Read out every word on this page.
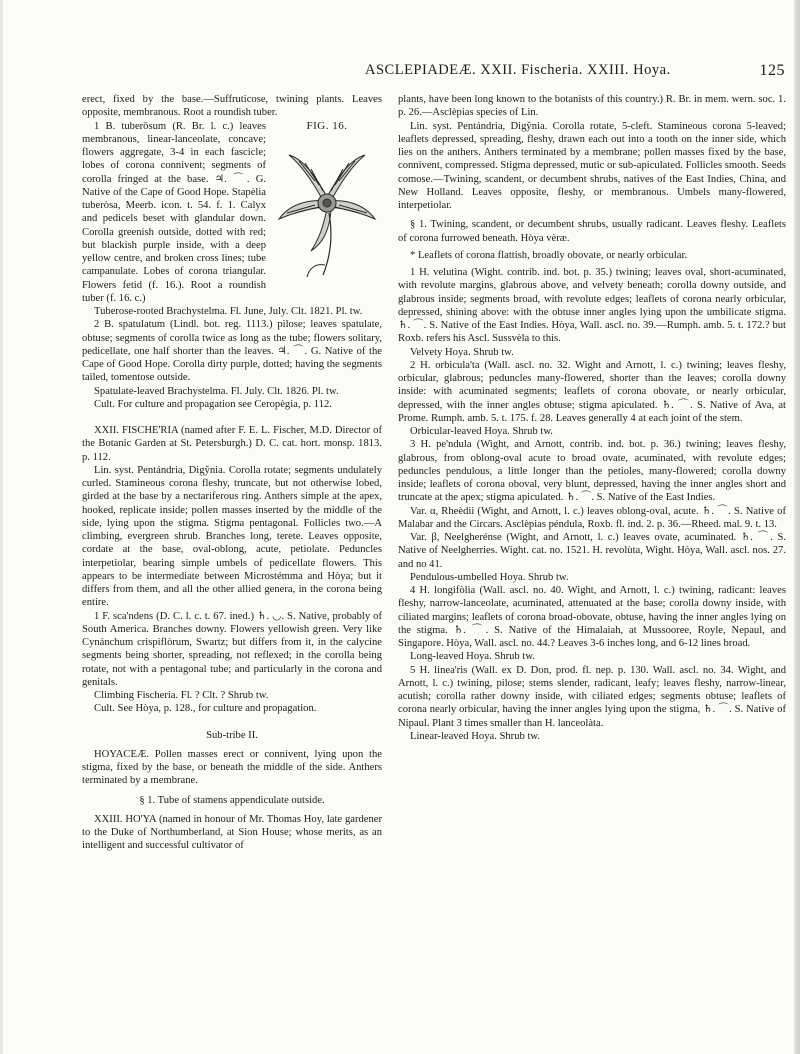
ASCLEPIADEÆ. XXII. Fischeria. XXIII. Hoya.	125

erect, fixed by the base.—Suffruticose, twining plants. Leaves opposite, membranous. Root a roundish tuber.

FIG. 16.

1 B. tuberōsum (R. Br. l. c.) leaves membranous, linear-lanceolate, concave; flowers aggregate, 3-4 in each fascicle; lobes of corona connivent; segments of corolla fringed at the base. ♃. ⌒. G. Native of the Cape of Good Hope. Stapèlia tuberòsa, Meerb. icon. t. 54. f. 1. Calyx and pedicels beset with glandular down. Corolla greenish outside, dotted with red; but blackish purple inside, with a deep yellow centre, and broken cross lines; tube campanulate. Lobes of corona triangular. Flowers fetid (f. 16.). Root a roundish tuber (f. 16. c.)

Tuberose-rooted Brachystelma. Fl. June, July. Clt. 1821. Pl. tw.

2 B. spatulatum (Lindl. bot. reg. 1113.) pilose; leaves spatulate, obtuse; segments of corolla twice as long as the tube; flowers solitary, pedicellate, one half shorter than the leaves. ♃. ⌒. G. Native of the Cape of Good Hope. Corolla dirty purple, dotted; having the segments tailed, tomentose outside.

Spatulate-leaved Brachystelma. Fl. July. Clt. 1826. Pl. tw.

Cult. For culture and propagation see Ceropègia, p. 112.

XXII. FISCHE'RIA (named after F. E. L. Fischer, M.D. Director of the Botanic Garden at St. Petersburgh.) D. C. cat. hort. monsp. 1813. p. 112.

Lin. syst. Pentándria, Digy̆nia. Corolla rotate; segments undulately curled. Stamineous corona fleshy, truncate, but not otherwise lobed, girded at the base by a nectariferous ring. Anthers simple at the apex, hooked, replicate inside; pollen masses inserted by the middle of the side, lying upon the stigma. Stigma pentagonal. Follicles two.—A climbing, evergreen shrub. Branches long, terete. Leaves opposite, cordate at the base, oval-oblong, acute, petiolate. Peduncles interpetiolar, bearing simple umbels of pedicellate flowers. This appears to be intermediate between Microstémma and Hòya; but it differs from them, and all the other allied genera, in the corona being entire.

1 F. sca'ndens (D. C. l. c. t. 67. ined.) ♄. ◡. S. Native, probably of South America. Branches downy. Flowers yellowish green. Very like Cynánchum crispiflòrum, Swartz; but differs from it, in the calycine segments being shorter, spreading, not reflexed; in the corolla being rotate, not with a pentagonal tube; and particularly in the corona and genitals.

Climbing Fischeria. Fl. ? Clt. ? Shrub tw.

Cult. See Hòya, p. 128., for culture and propagation.

Sub-tribe II.

HOYACEÆ. Pollen masses erect or connivent, lying upon the stigma, fixed by the base, or beneath the middle of the side. Anthers terminated by a membrane.

§ 1. Tube of stamens appendiculate outside.

XXIII. HO'YA (named in honour of Mr. Thomas Hoy, late gardener to the Duke of Northumberland, at Sion House; whose merits, as an intelligent and successful cultivator of

plants, have been long known to the botanists of this country.) R. Br. in mem. wern. soc. 1. p. 26.—Asclèpias species of Lin.

Lin. syst. Pentándria, Digy̆nia. Corolla rotate, 5-cleft. Stamineous corona 5-leaved; leaflets depressed, spreading, fleshy, drawn each out into a tooth on the inner side, which lies on the anthers. Anthers terminated by a membrane; pollen masses fixed by the base, connivent, compressed. Stigma depressed, mutic or sub-apiculated. Follicles smooth. Seeds comose.—Twining, scandent, or decumbent shrubs, natives of the East Indies, China, and New Holland. Leaves opposite, fleshy, or membranous. Umbels many-flowered, interpetiolar.

§ 1. Twining, scandent, or decumbent shrubs, usually radicant. Leaves fleshy. Leaflets of corona furrowed beneath. Hòya vèræ.

* Leaflets of corona flattish, broadly obovate, or nearly orbicular.

1 H. velutìna (Wight. contrib. ind. bot. p. 35.) twining; leaves oval, short-acuminated, with revolute margins, glabrous above, and velvety beneath; corolla downy outside, and glabrous inside; segments broad, with revolute edges; leaflets of corona nearly orbicular, depressed, shining above: with the obtuse inner angles lying upon the umbilicate stigma. ♄. ⌒. S. Native of the East Indies. Hòya, Wall. ascl. no. 39.—Rumph. amb. 5. t. 172.? but Roxb. refers his Ascl. Sussvèla to this.

Velvety Hoya. Shrub tw.

2 H. orbicula'ta (Wall. ascl. no. 32. Wight and Arnott, l. c.) twining; leaves fleshy, orbicular, glabrous; peduncles many-flowered, shorter than the leaves; corolla downy inside: with acuminated segments; leaflets of corona obovate, or nearly orbicular, depressed, with the inner angles obtuse; stigma apiculated. ♄. ⌒. S. Native of Ava, at Prome. Rumph. amb. 5. t. 175. f. 28. Leaves generally 4 at each joint of the stem.

Orbicular-leaved Hoya. Shrub tw.

3 H. pe'ndula (Wight, and Arnott, contrib. ind. bot. p. 36.) twining; leaves fleshy, glabrous, from oblong-oval acute to broad ovate, acuminated, with revolute edges; peduncles pendulous, a little longer than the petioles, many-flowered; corolla downy inside; leaflets of corona oboval, very blunt, depressed, having the inner angles short and truncate at the apex; stigma apiculated. ♄. ⌒. S. Native of the East Indies.

Var. α, Rheèdii (Wight, and Arnott, l. c.) leaves oblong-oval, acute. ♄. ⌒. S. Native of Malabar and the Circars. Asclèpias péndula, Roxb. fl. ind. 2. p. 36.—Rheed. mal. 9. t. 13.

Var. β, Neelgherénse (Wight, and Arnott, l. c.) leaves ovate, acuminated. ♄. ⌒. S. Native of Neelgherries. Wight. cat. no. 1521. H. revolùta, Wight. Hòya, Wall. ascl. nos. 27. and no 41.

Pendulous-umbelled Hoya. Shrub tw.

4 H. longifòlia (Wall. ascl. no. 40. Wight, and Arnott, l. c.) twining, radicant: leaves fleshy, narrow-lanceolate, acuminated, attenuated at the base; corolla downy inside, with ciliated margins; leaflets of corona broad-obovate, obtuse, having the inner angles lying on the stigma. ♄. ⌒. S. Native of the Himalaiah, at Mussooree, Royle, Nepaul, and Singapore. Hòya, Wall. ascl. no. 44.? Leaves 3-6 inches long, and 6-12 lines broad.

Long-leaved Hoya. Shrub tw.

5 H. linea'ris (Wall. ex D. Don, prod. fl. nep. p. 130. Wall. ascl. no. 34. Wight, and Arnott, l. c.) twining, pilose; stems slender, radicant, leafy; leaves fleshy, narrow-linear, acutish; corolla rather downy inside, with ciliated edges; segments obtuse; leaflets of corona nearly orbicular, having the inner angles lying upon the stigma, ♄. ⌒. S. Native of Nipaul. Plant 3 times smaller than H. lanceolàta.

Linear-leaved Hoya. Shrub tw.
